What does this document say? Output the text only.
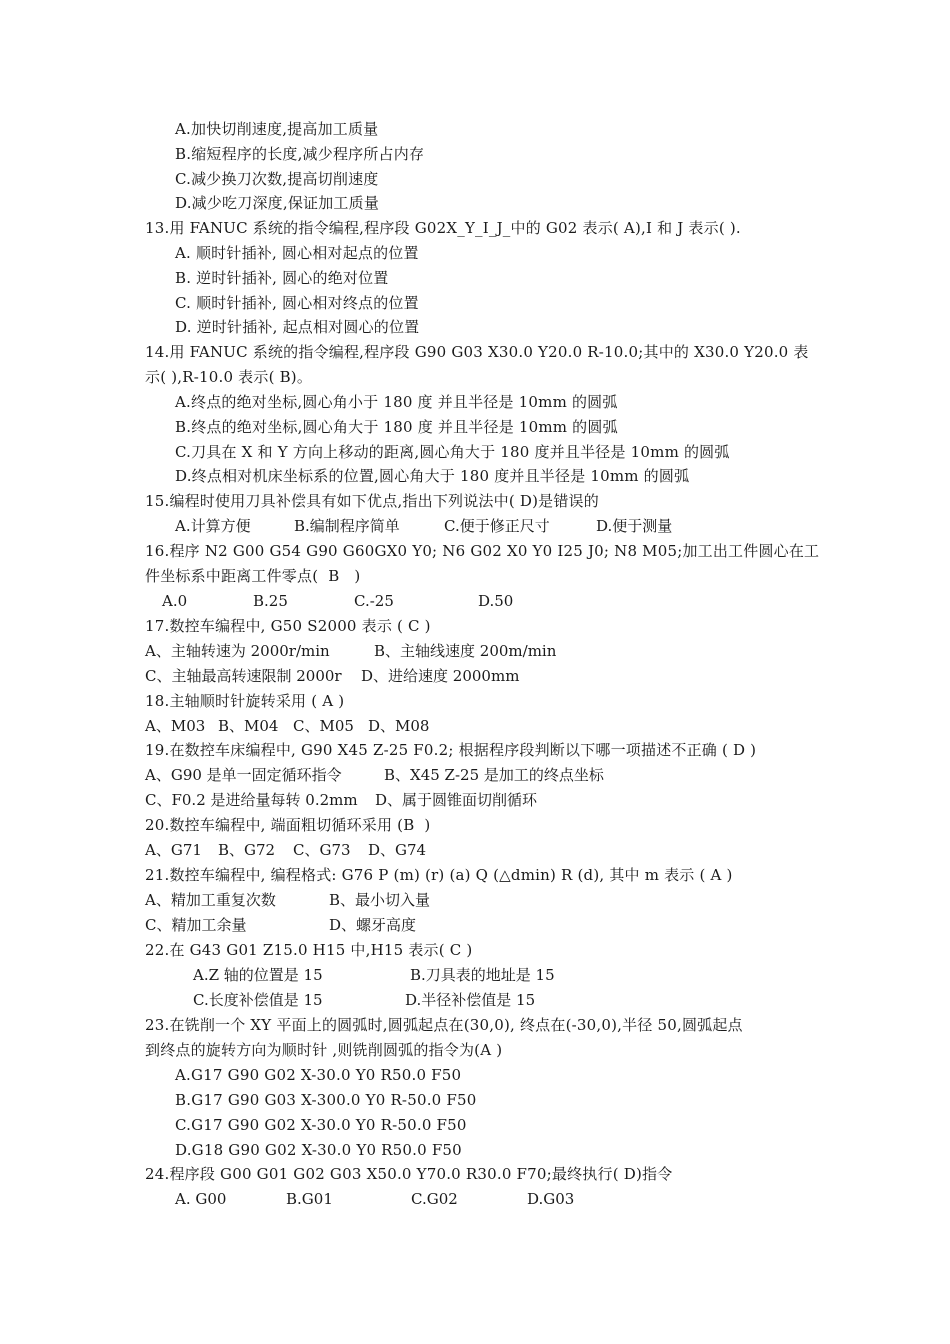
A.加快切削速度,提高加工质量
B.缩短程序的长度,减少程序所占内存
C.减少换刀次数,提高切削速度
D.减少吃刀深度,保证加工质量
13.用 FANUC 系统的指令编程,程序段 G02X_Y_I_J_中的 G02 表示( A),I 和 J 表示( ).
A. 顺时针插补, 圆心相对起点的位置
B. 逆时针插补, 圆心的绝对位置
C. 顺时针插补, 圆心相对终点的位置
D. 逆时针插补, 起点相对圆心的位置
14.用 FANUC 系统的指令编程,程序段 G90 G03 X30.0 Y20.0 R-10.0;其中的 X30.0 Y20.0 表
示( ),R-10.0 表示( B)。
A.终点的绝对坐标,圆心角小于 180 度 并且半径是 10mm 的圆弧
B.终点的绝对坐标,圆心角大于 180 度 并且半径是 10mm 的圆弧
C.刀具在 X 和 Y 方向上移动的距离,圆心角大于 180 度并且半径是 10mm 的圆弧
D.终点相对机床坐标系的位置,圆心角大于 180 度并且半径是 10mm 的圆弧
15.编程时使用刀具补偿具有如下优点,指出下列说法中( D)是错误的
A.计算方便	B.编制程序简单	C.便于修正尺寸	D.便于测量
16.程序 N2 G00 G54 G90 G60GX0 Y0; N6 G02 X0 Y0 I25 J0; N8 M05;加工出工件圆心在工
件坐标系中距离工件零点(  B   )
A.0	B.25	C.-25	D.50
17.数控车编程中, G50 S2000 表示 ( C )
A、主轴转速为 2000r/min	B、主轴线速度 200m/min
C、主轴最高转速限制 2000r D、进给速度 2000mm
18.主轴顺时针旋转采用 ( A )
A、M03 B、M04 C、M05 D、M08
19.在数控车床编程中, G90 X45 Z-25 F0.2; 根据程序段判断以下哪一项描述不正确 ( D )
A、G90 是单一固定循环指令	B、X45 Z-25 是加工的终点坐标
C、F0.2 是进给量每转 0.2mm D、属于圆锥面切削循环
20.数控车编程中, 端面粗切循环采用 (B  )
A、G71 B、G72 C、G73 D、G74
21.数控车编程中, 编程格式: G76 P (m) (r) (a) Q (△dmin) R (d), 其中 m 表示 ( A )
A、精加工重复次数	B、最小切入量
C、精加工余量	D、螺牙高度
22.在 G43 G01 Z15.0 H15 中,H15 表示( C )
A.Z 轴的位置是 15	B.刀具表的地址是 15
C.长度补偿值是 15	D.半径补偿值是 15
23.在铣削一个 XY 平面上的圆弧时,圆弧起点在(30,0), 终点在(-30,0),半径 50,圆弧起点
到终点的旋转方向为顺时针 ,则铣削圆弧的指令为(A )
A.G17 G90 G02 X-30.0 Y0 R50.0 F50
B.G17 G90 G03 X-300.0 Y0 R-50.0 F50
C.G17 G90 G02 X-30.0 Y0 R-50.0 F50
D.G18 G90 G02 X-30.0 Y0 R50.0 F50
24.程序段 G00 G01 G02 G03 X50.0 Y70.0 R30.0 F70;最终执行( D)指令
A. G00	B.G01	C.G02	D.G03
